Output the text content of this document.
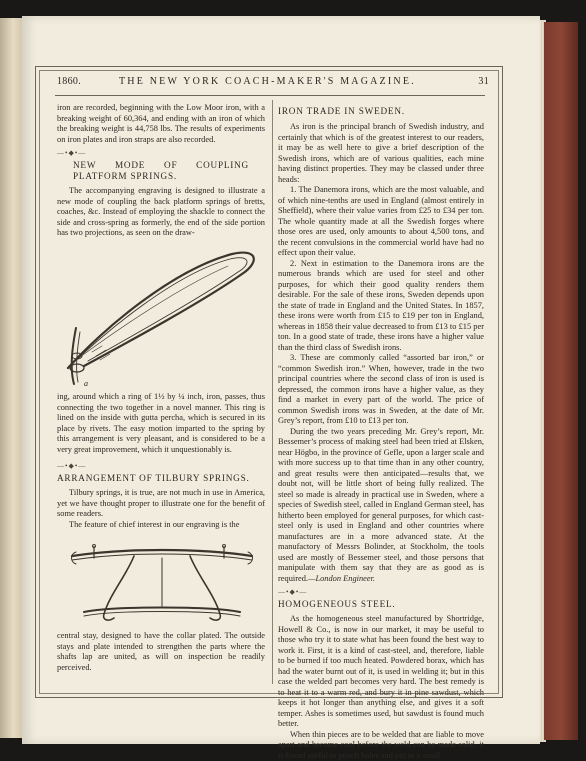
1860.	THE NEW YORK COACH-MAKER'S MAGAZINE.	31

iron are recorded, beginning with the Low Moor iron, with a breaking weight of 60,364, and ending with an iron of which the breaking weight is 44,758 lbs. The results of experiments on iron plates and iron straps are also recorded.

—•◆•—

NEW MODE OF COUPLING PLATFORM SPRINGS.

The accompanying engraving is designed to illustrate a new mode of coupling the back platform springs of bretts, coaches, &c. Instead of employing the shackle to connect the side and cross-spring as formerly, the end of the side portion has two projections, as seen on the draw-

a

ing, around which a ring of 1½ by ¼ inch, iron, passes, thus connecting the two together in a novel manner. This ring is lined on the inside with gutta percha, which is secured in its place by rivets. The easy motion imparted to the spring by this arrangement is very pleasant, and is considered to be a very great improvement, which it unquestionably is.

—•◆•—

ARRANGEMENT OF TILBURY SPRINGS.

Tilbury springs, it is true, are not much in use in America, yet we have thought proper to illustrate one for the benefit of some readers.

The feature of chief interest in our engraving is the

central stay, designed to have the collar plated. The outside stays and plate intended to strengthen the parts where the shafts lap are united, as will on inspection be readily perceived.

IRON TRADE IN SWEDEN.

As iron is the principal branch of Swedish industry, and certainly that which is of the greatest interest to our readers, it may be as well here to give a brief description of the Swedish irons, which are of various qualities, each mine having distinct properties. They may be classed under three heads:

1. The Danemora irons, which are the most valuable, and of which nine-tenths are used in England (almost entirely in Sheffield), where their value varies from £25 to £34 per ton. The whole quantity made at all the Swedish forges where those ores are used, only amounts to about 4,500 tons, and the recent convulsions in the commercial world have had no effect upon their value.

2. Next in estimation to the Danemora irons are the numerous brands which are used for steel and other purposes, for which their good quality renders them desirable. For the sale of these irons, Sweden depends upon the state of trade in England and the United States. In 1857, these irons were worth from £15 to £19 per ton in England, whereas in 1858 their value decreased to from £13 to £15 per ton. In a good state of trade, these irons have a higher value than the third class of Swedish irons.

3. These are commonly called “assorted bar iron,” or “common Swedish iron.” When, however, trade in the two principal countries where the second class of iron is used is depressed, the common irons have a higher value, as they find a market in every part of the world. The price of common Swedish irons was in Sweden, at the date of Mr. Grey’s report, from £10 to £13 per ton.

During the two years preceding Mr. Grey’s report, Mr. Bessemer’s process of making steel had been tried at Elsken, near Högbo, in the province of Gefle, upon a larger scale and with more success up to that time than in any other country, and great results were then anticipated—results that, we doubt not, will be little short of being fully realized. The steel so made is already in practical use in Sweden, where a species of Swedish steel, called in England German steel, has hitherto been employed for general purposes, for which cast-steel only is used in England and other countries where manufactures are in a more advanced state. At the manufactory of Messrs Bolinder, at Stockholm, the tools used are mostly of Bessemer steel, and those persons that manipulate with them say that they are as good as is required.—London Engineer.

—•◆•—

HOMOGENEOUS STEEL.

As the homogeneous steel manufactured by Shortridge, Howell & Co., is now in our market, it may be useful to those who try it to state what has been found the best way to work it. First, it is a kind of cast-steel, and, therefore, liable to be burned if too much heated. Powdered borax, which has had the water burnt out of it, is used in welding it; but in this case the welded part becomes very hard. The best remedy is to heat it to a warm red, and bury it in pine sawdust, which keeps it hot longer than anything else, and gives it a soft temper. Ashes is sometimes used, but sawdust is found much better.

When thin pieces are to be welded that are liable to move apart and become cool before the weld can be made solid, it is found useful to punch holes and put in a small
